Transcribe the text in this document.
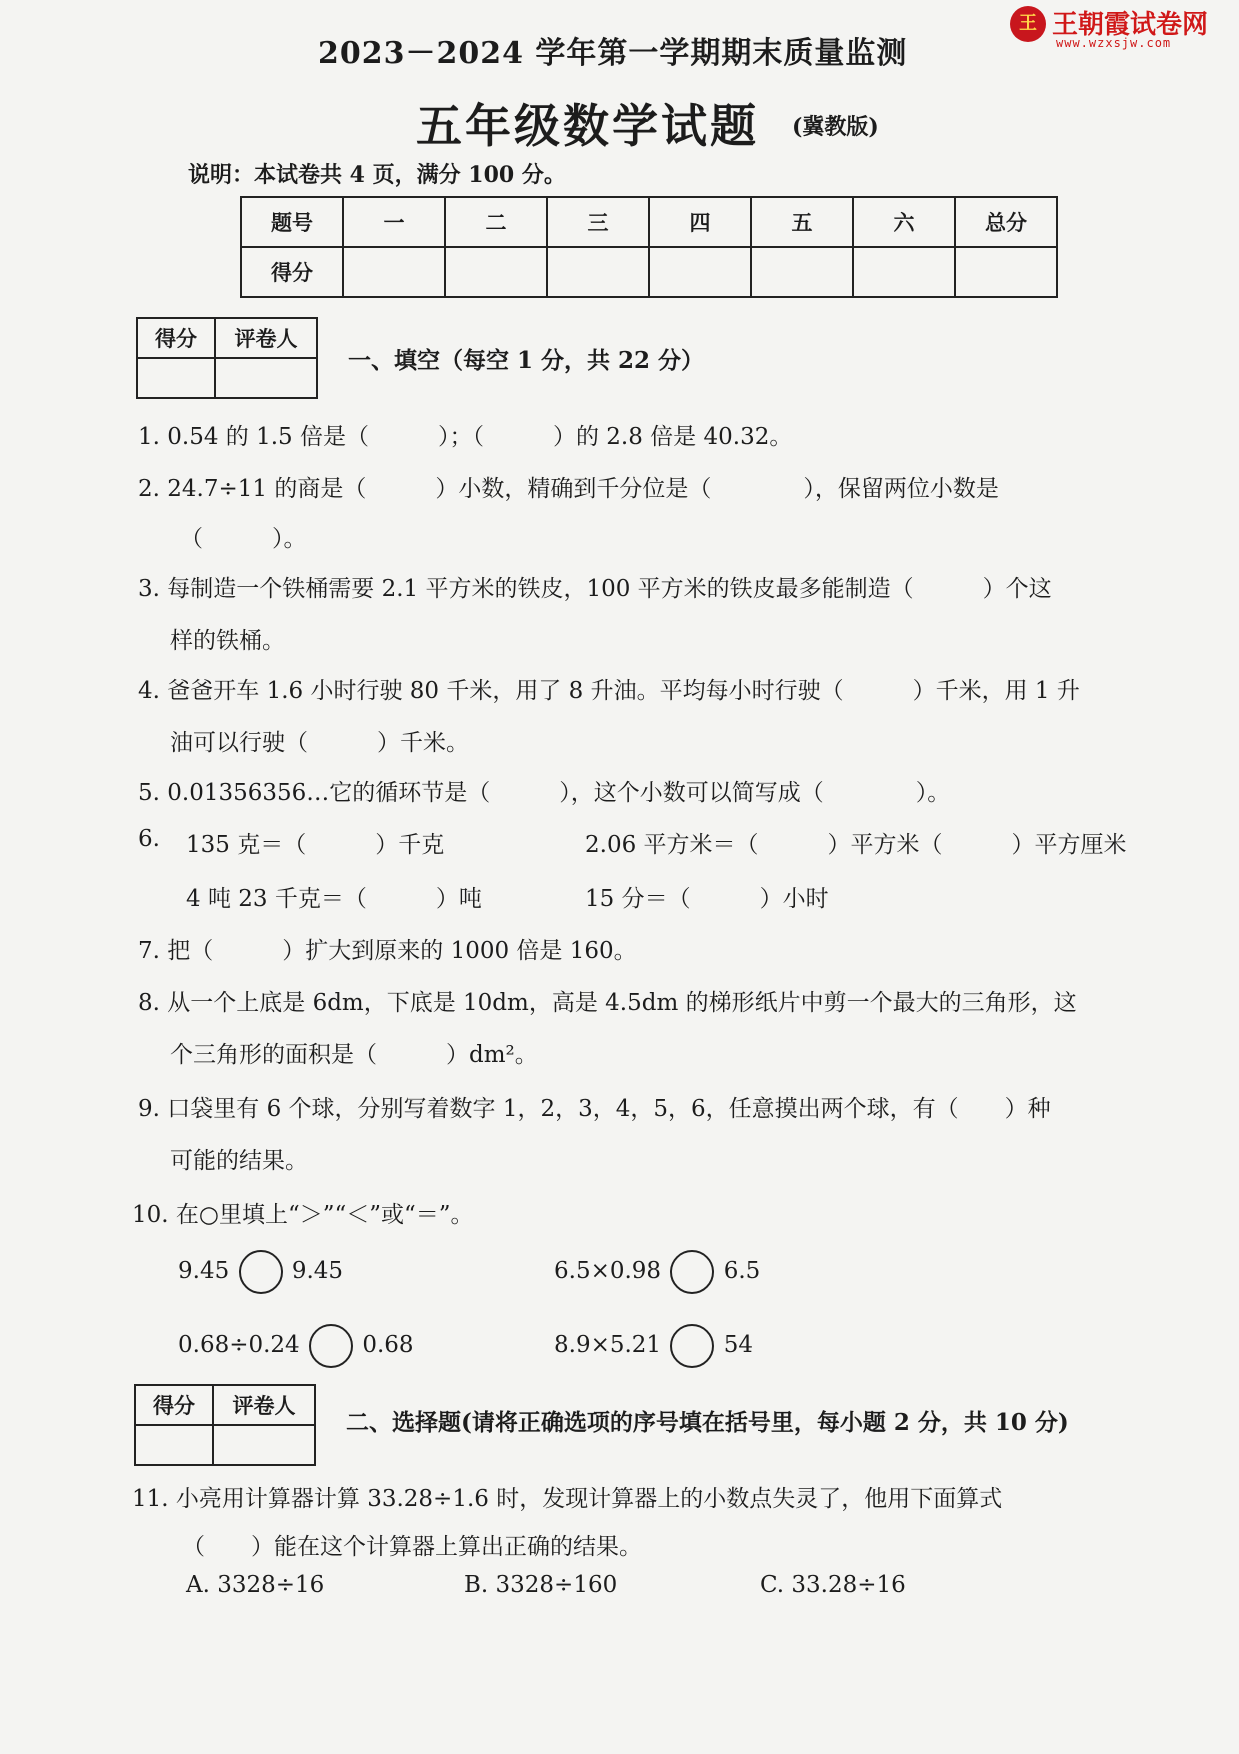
王 王朝霞试卷网
www.wzxsjw.com
2023－2024 学年第一学期期末质量监测
五年级数学试题 (冀教版)
说明：本试卷共 4 页，满分 100 分。
题号	一	二	三	四	五	六	总分
得分							
得分	评卷人

一、填空（每空 1 分，共 22 分）
1. 0.54 的 1.5 倍是（　　　）；（　　　）的 2.8 倍是 40.32。
2. 24.7÷11 的商是（　　　）小数，精确到千分位是（　　　　），保留两位小数是
（　　　）。
3. 每制造一个铁桶需要 2.1 平方米的铁皮，100 平方米的铁皮最多能制造（　　　）个这
样的铁桶。
4. 爸爸开车 1.6 小时行驶 80 千米，用了 8 升油。平均每小时行驶（　　　）千米，用 1 升
油可以行驶（　　　）千米。
5. 0.01356356…它的循环节是（　　　），这个小数可以简写成（　　　　）。
6. 135 克＝（　　　）千克	2.06 平方米＝（　　　）平方米（　　　）平方厘米
4 吨 23 千克＝（　　　）吨	15 分＝（　　　）小时
7. 把（　　　）扩大到原来的 1000 倍是 160。
8. 从一个上底是 6dm，下底是 10dm，高是 4.5dm 的梯形纸片中剪一个最大的三角形，这
个三角形的面积是（　　　）dm²。
9. 口袋里有 6 个球，分别写着数字 1，2，3，4，5，6，任意摸出两个球，有（　　）种
可能的结果。
10. 在○里填上“＞”“＜”或“＝”。
9.45	9.45	6.5×0.98	6.5
0.68÷0.24	0.68	8.9×5.21	54
得分	评卷人

二、选择题(请将正确选项的序号填在括号里，每小题 2 分，共 10 分)
11. 小亮用计算器计算 33.28÷1.6 时，发现计算器上的小数点失灵了，他用下面算式
（　　）能在这个计算器上算出正确的结果。
A. 3328÷16	B. 3328÷160	C. 33.28÷16
